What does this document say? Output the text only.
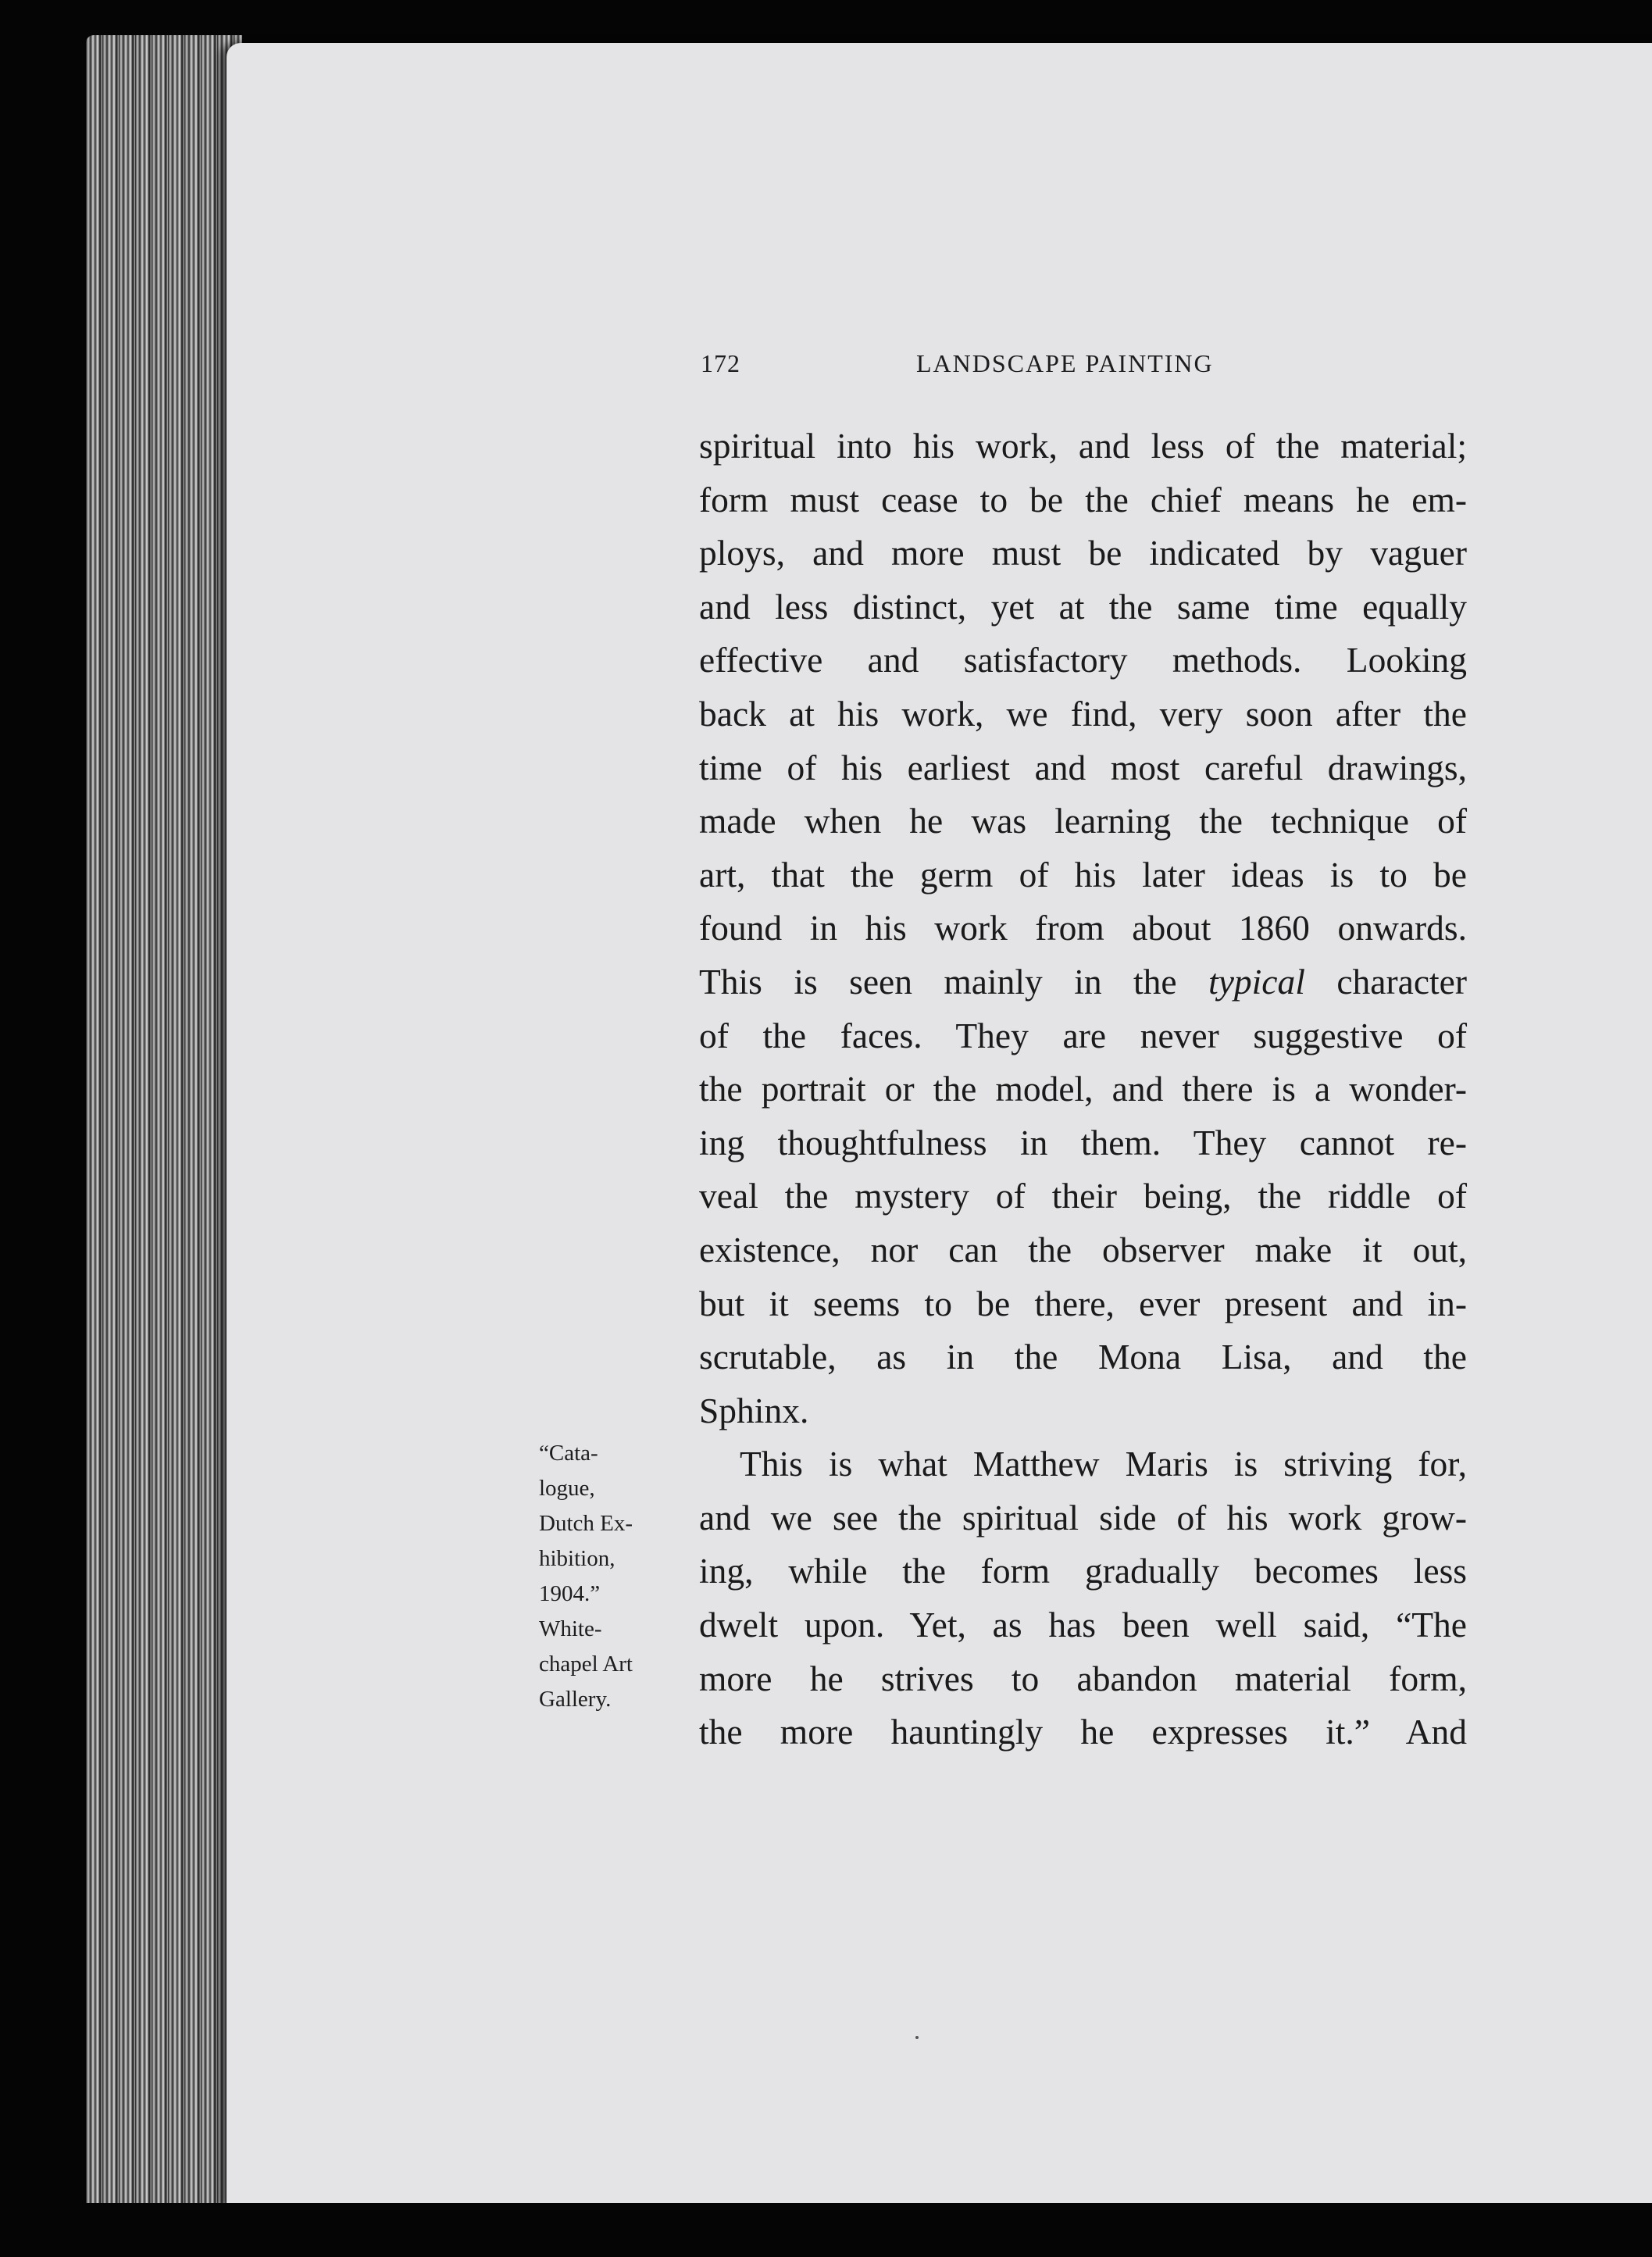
172	LANDSCAPE PAINTING
spiritual into his work, and less of the material;
form must cease to be the chief means he em-
ploys, and more must be indicated by vaguer
and less distinct, yet at the same time equally
effective and satisfactory methods. Looking
back at his work, we find, very soon after the
time of his earliest and most careful drawings,
made when he was learning the technique of
art, that the germ of his later ideas is to be
found in his work from about 1860 onwards.
This is seen mainly in the typical character
of the faces. They are never suggestive of
the portrait or the model, and there is a wonder-
ing thoughtfulness in them. They cannot re-
veal the mystery of their being, the riddle of
existence, nor can the observer make it out,
but it seems to be there, ever present and in-
scrutable, as in the Mona Lisa, and the
Sphinx.
This is what Matthew Maris is striving for,
and we see the spiritual side of his work grow-
ing, while the form gradually becomes less
dwelt upon. Yet, as has been well said, “The
more he strives to abandon material form,
the more hauntingly he expresses it.” And
“Cata-
logue,
Dutch Ex-
hibition,
1904.”
White-
chapel Art
Gallery.
